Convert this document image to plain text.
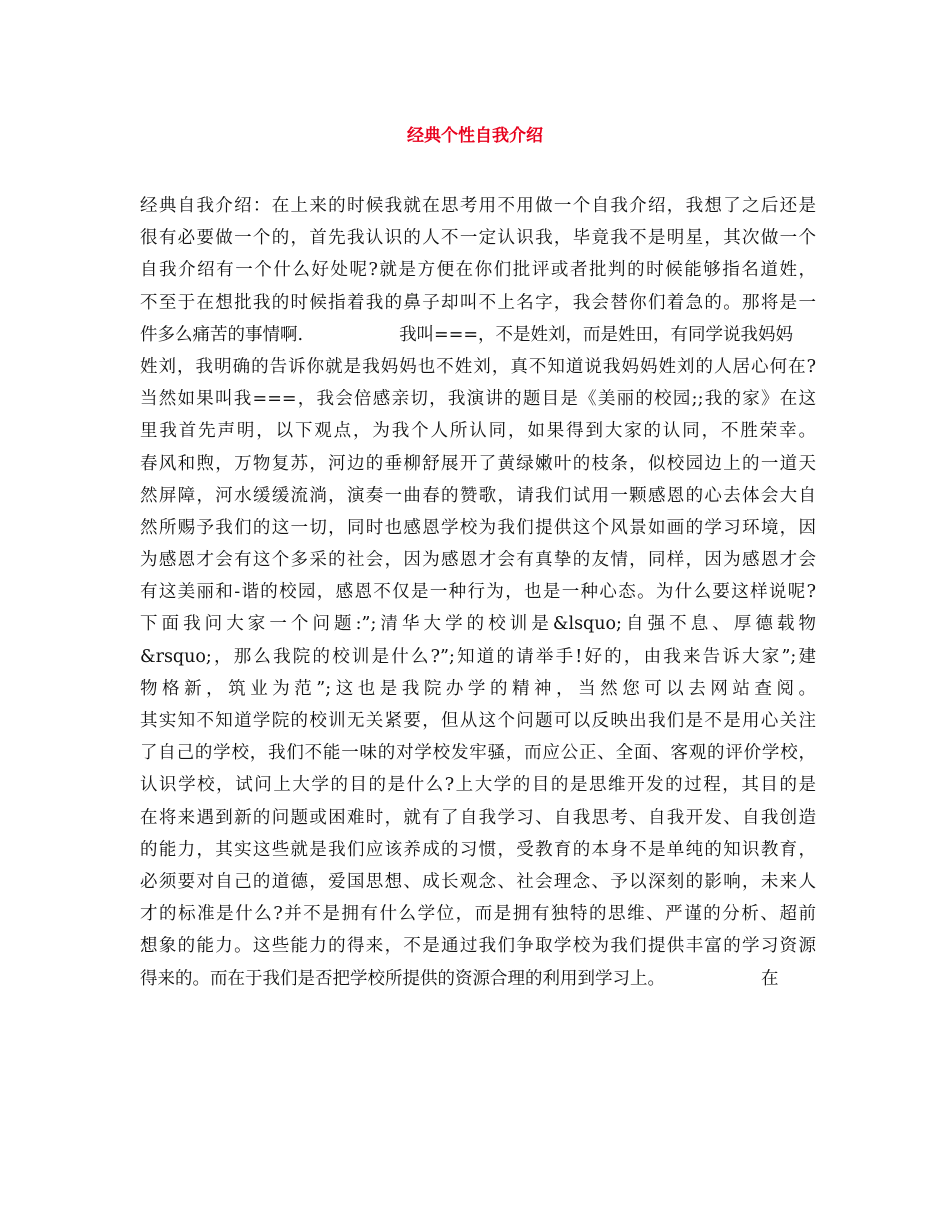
经典个性自我介绍
经典自我介绍：在上来的时候我就在思考用不用做一个自我介绍，我想了之后还是
很有必要做一个的，首先我认识的人不一定认识我，毕竟我不是明星，其次做一个
自我介绍有一个什么好处呢?就是方便在你们批评或者批判的时候能够指名道姓，
不至于在想批我的时候指着我的鼻子却叫不上名字，我会替你们着急的。那将是一
件多么痛苦的事情啊.	我叫===，不是姓刘，而是姓田，有同学说我妈妈
姓刘，我明确的告诉你就是我妈妈也不姓刘，真不知道说我妈妈姓刘的人居心何在?
当然如果叫我===，我会倍感亲切，我演讲的题目是《美丽的校园;;我的家》在这
里我首先声明，以下观点，为我个人所认同，如果得到大家的认同，不胜荣幸。
春风和煦，万物复苏，河边的垂柳舒展开了黄绿嫩叶的枝条，似校园边上的一道天
然屏障，河水缓缓流淌，演奏一曲春的赞歌，请我们试用一颗感恩的心去体会大自
然所赐予我们的这一切，同时也感恩学校为我们提供这个风景如画的学习环境，因
为感恩才会有这个多采的社会，因为感恩才会有真挚的友情，同样，因为感恩才会
有这美丽和-谐的校园，感恩不仅是一种行为，也是一种心态。为什么要这样说呢?
下面我问大家一个问题:”;清华大学的校训是&lsquo;自强不息、厚德载物
&rsquo;，那么我院的校训是什么?”;知道的请举手!好的，由我来告诉大家”;建
物格新，筑业为范”;这也是我院办学的精神，当然您可以去网站查阅。
其实知不知道学院的校训无关紧要，但从这个问题可以反映出我们是不是用心关注
了自己的学校，我们不能一味的对学校发牢骚，而应公正、全面、客观的评价学校，
认识学校，试问上大学的目的是什么?上大学的目的是思维开发的过程，其目的是
在将来遇到新的问题或困难时，就有了自我学习、自我思考、自我开发、自我创造
的能力，其实这些就是我们应该养成的习惯，受教育的本身不是单纯的知识教育，
必须要对自己的道德，爱国思想、成长观念、社会理念、予以深刻的影响，未来人
才的标准是什么?并不是拥有什么学位，而是拥有独特的思维、严谨的分析、超前
想象的能力。这些能力的得来，不是通过我们争取学校为我们提供丰富的学习资源
得来的。而在于我们是否把学校所提供的资源合理的利用到学习上。	在
